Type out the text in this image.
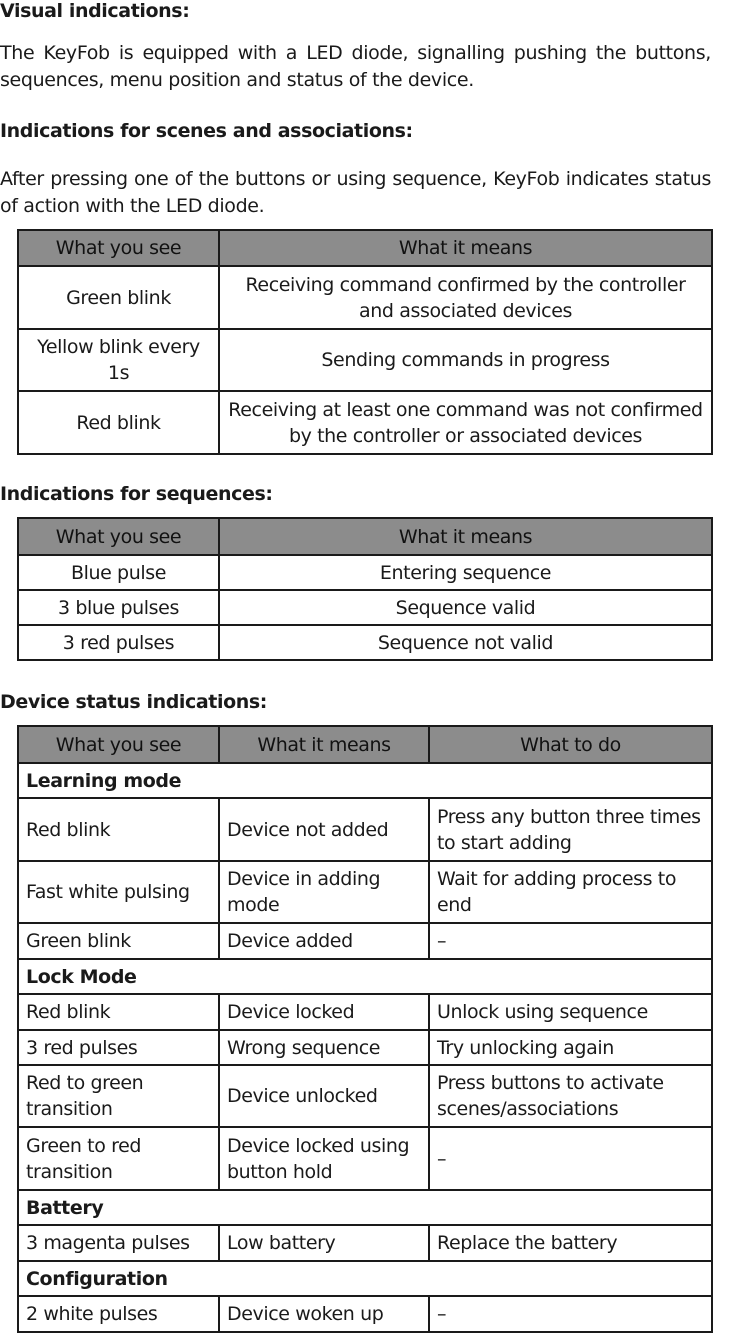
Visual indications:

The KeyFob is equipped with a LED diode, signalling pushing the buttons, sequences, menu position and status of the device.

Indications for scenes and associations:

After pressing one of the buttons or using sequence, KeyFob indicates status of action with the LED diode.

What you see	What it means
Green blink	Receiving command confirmed by the controller and associated devices
Yellow blink every 1s	Sending commands in progress
Red blink	Receiving at least one command was not confirmed by the controller or associated devices
Indications for sequences:
What you see	What it means
Blue pulse	Entering sequence
3 blue pulses	Sequence valid
3 red pulses	Sequence not valid
Device status indications:
What you see	What it means	What to do
Learning mode		
Red blink	Device not added	Press any button three times to start adding
Fast white pulsing	Device in adding mode	Wait for adding process to end
Green blink	Device added	–
Lock Mode		
Red blink	Device locked	Unlock using sequence
3 red pulses	Wrong sequence	Try unlocking again
Red to green transition	Device unlocked	Press buttons to activate scenes/associations
Green to red transition	Device locked using button hold	–
Battery		
3 magenta pulses	Low battery	Replace the battery
Configuration		
2 white pulses	Device woken up	–
